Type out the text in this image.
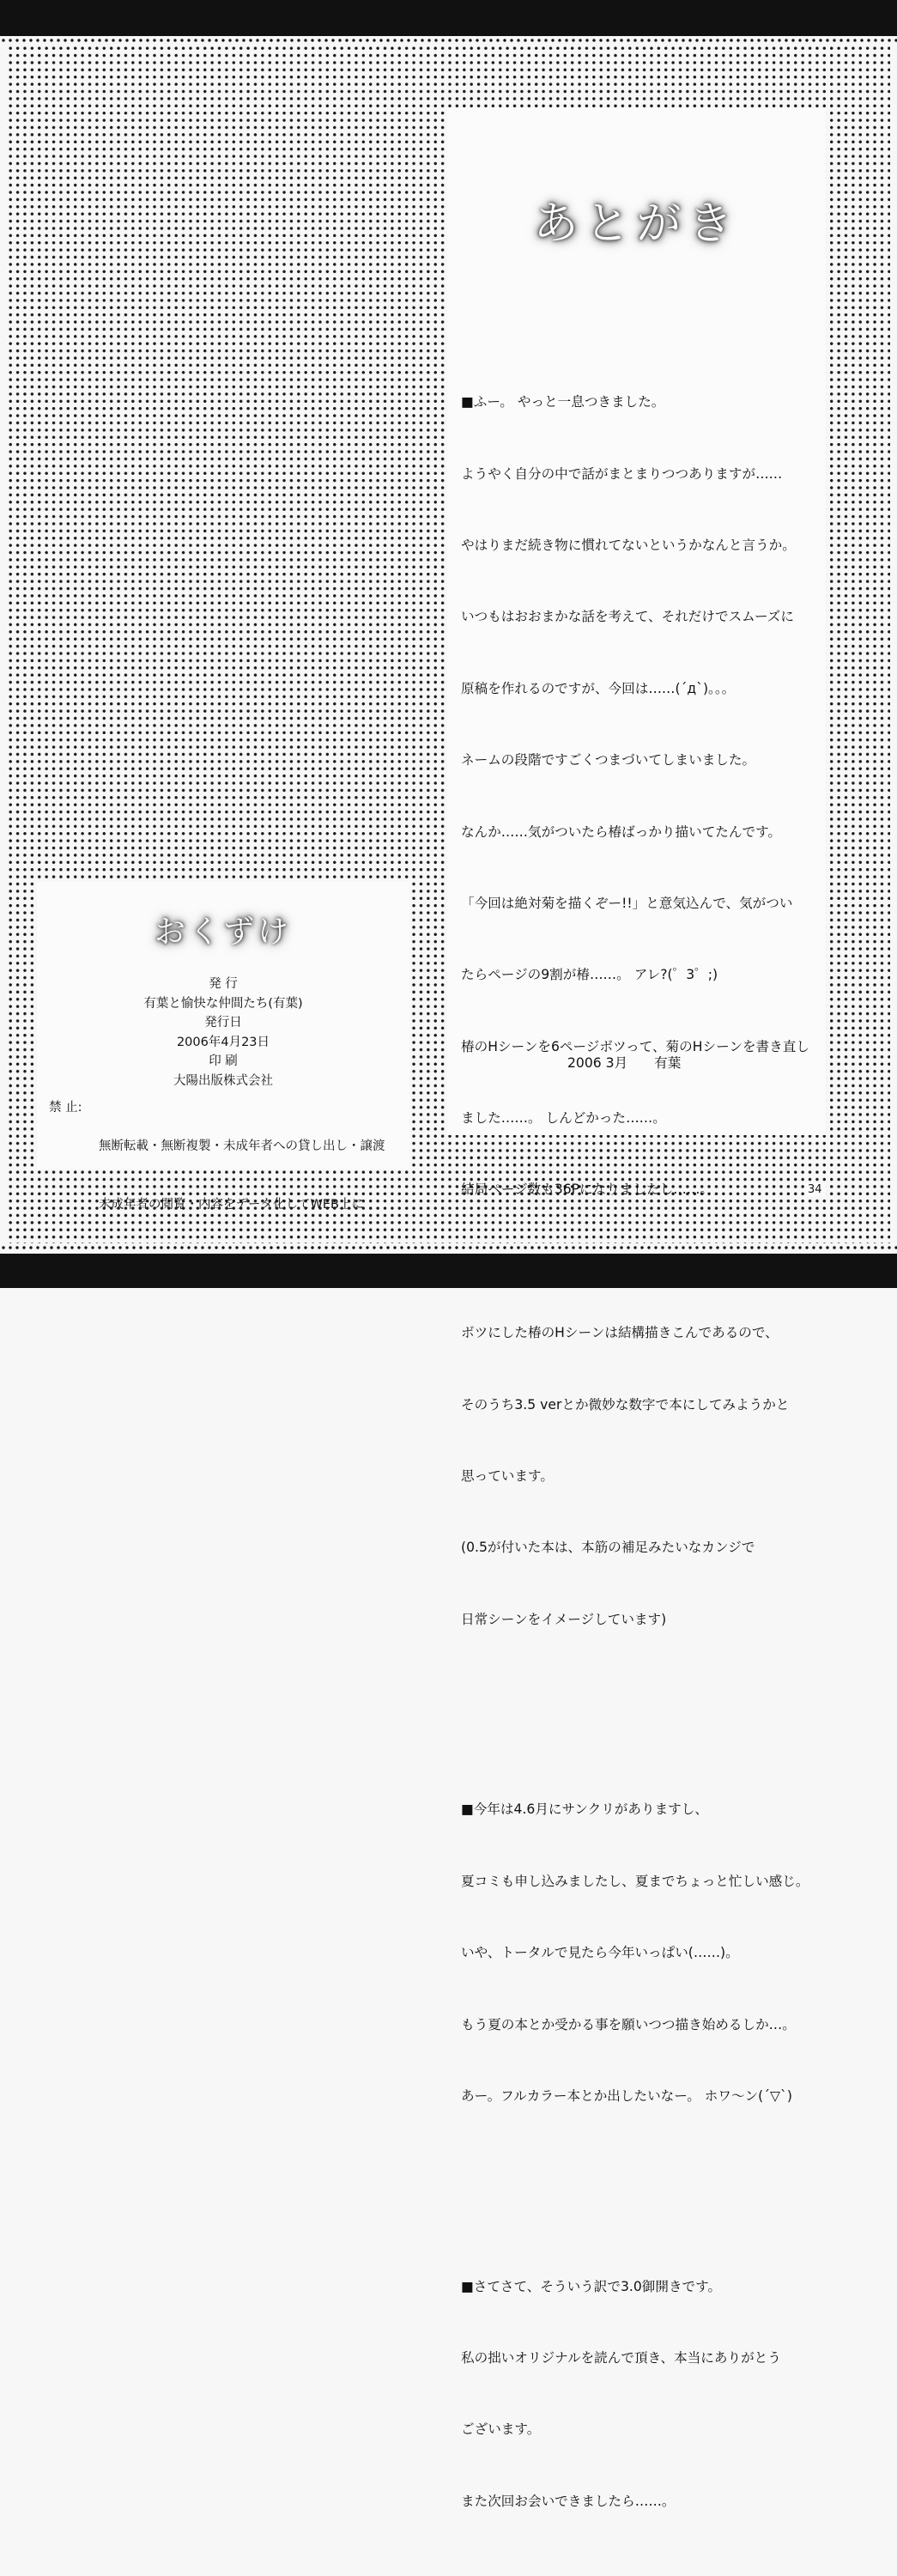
あとがき

■ふー。 やっと一息つきました。

ようやく自分の中で話がまとまりつつありますが……

やはりまだ続き物に慣れてないというかなんと言うか。

いつもはおおまかな話を考えて、それだけでスムーズに

原稿を作れるのですが、今回は……(´д`)。。。

ネームの段階ですごくつまづいてしまいました。

なんか……気がついたら椿ばっかり描いてたんです。

「今回は絶対菊を描くぞー!!」と意気込んで、気がつい

たらページの9割が椿……。 アレ?(゜3゜;)

椿のHシーンを6ページボツって、菊のHシーンを書き直し

ました……。 しんどかった……。

結局ページ数も36Pになりましたし……。

ボツにした椿のHシーンは結構描きこんであるので、

そのうち3.5 verとか微妙な数字で本にしてみようかと

思っています。

(0.5が付いた本は、本筋の補足みたいなカンジで

日常シーンをイメージしています)

■今年は4.6月にサンクリがありますし、

夏コミも申し込みましたし、夏までちょっと忙しい感じ。

いや、トータルで見たら今年いっぱい(……)。

もう夏の本とか受かる事を願いつつ描き始めるしか…。

あー。フルカラー本とか出したいなー。 ホワ～ン(´▽`)

■さてさて、そういう訳で3.0御開きです。

私の拙いオリジナルを読んで頂き、本当にありがとう

ございます。

また次回お会いできましたら……。

2006 3月 有葉
おくずけ
発 行
有葉と愉快な仲間たち(有葉)
発行日
2006年4月23日
印 刷
大陽出版株式会社
禁 止:

無断転載・無断複製・未成年者への貸し出し・譲渡

未成年者の閲覧・内容をデータ化してWEB上に

34
